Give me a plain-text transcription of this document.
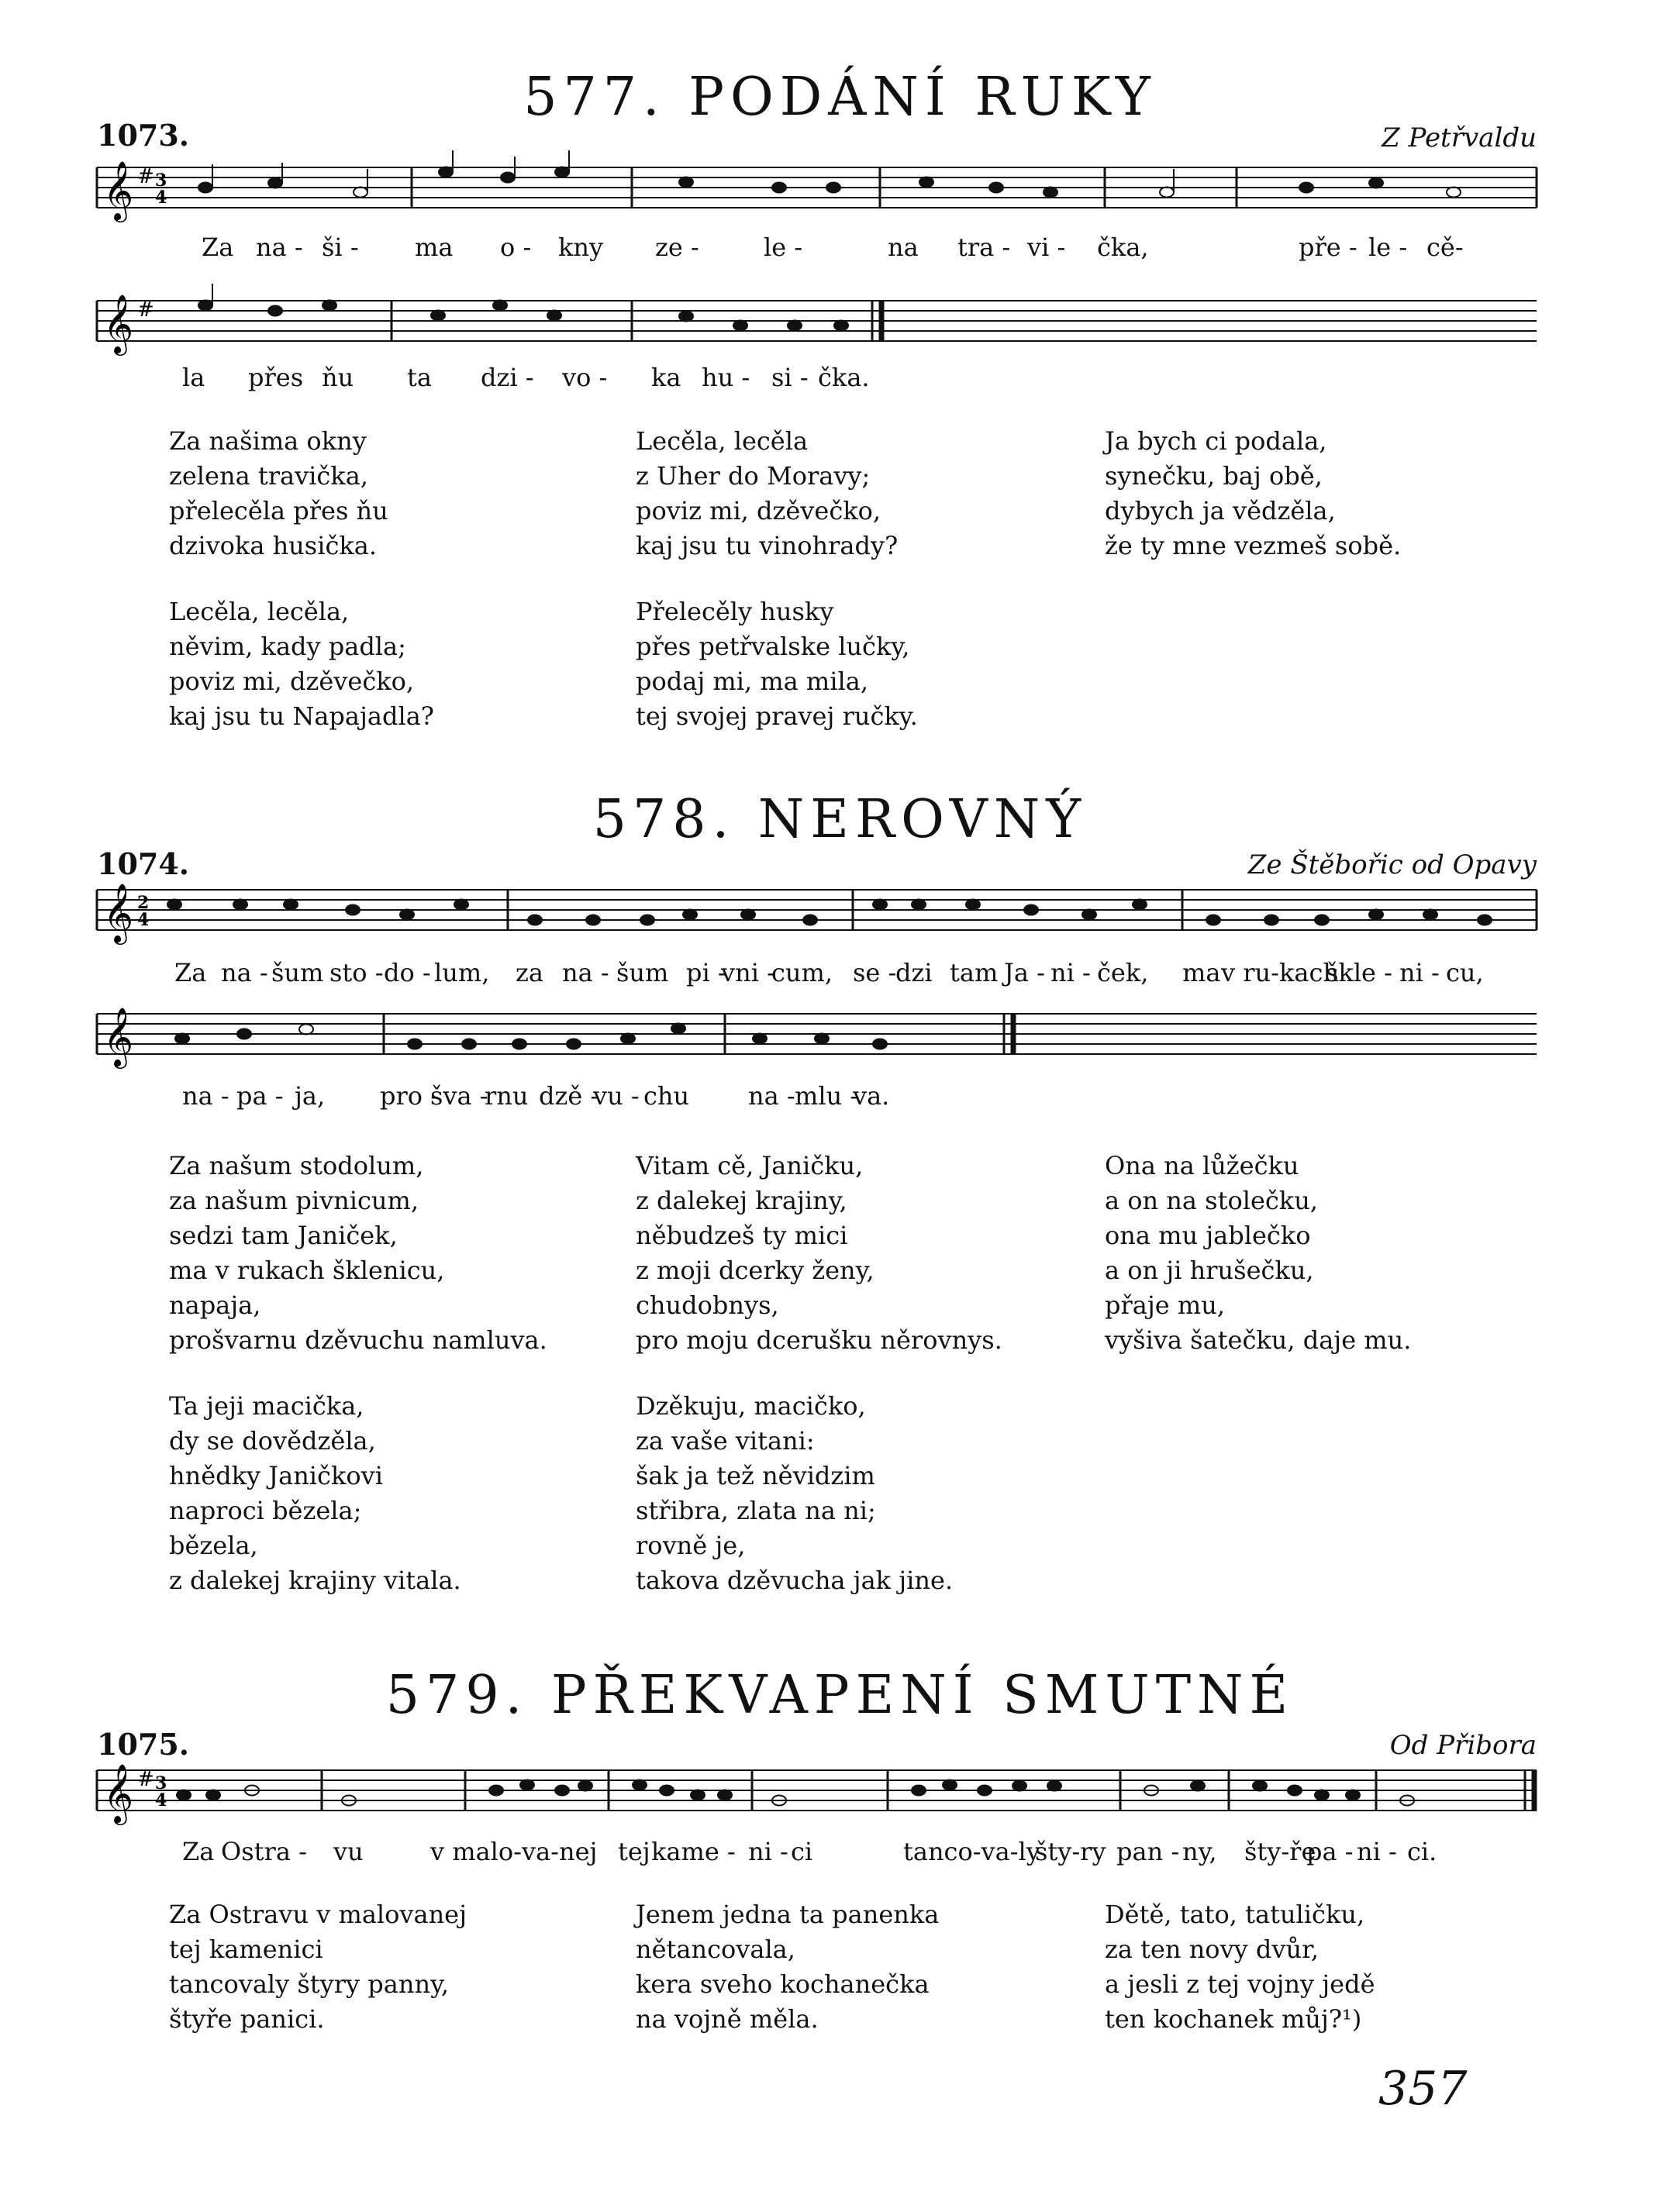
577. PODÁNÍ RUKY
1073.	Z Petřvaldu
𝄞 # 3
4
Za na - ši - ma o - kny ze -	le -	na tra - vi - čka,	pře - le - cě-
𝄞 #
la přes ňu ta dzi - vo - ka hu - si - čka.
Za našima okny
zelena travička,
přelecěla přes ňu
dzivoka husička.
Lecěla, lecěla
z Uher do Moravy;
poviz mi, dzěvečko,
kaj jsu tu vinohrady?
Ja bych ci podala,
synečku, baj obě,
dybych ja vědzěla,
že ty mne vezmeš sobě.
Lecěla, lecěla,
něvim, kady padla;
poviz mi, dzěvečko,
kaj jsu tu Napajadla?
Přelecěly husky
přes petřvalske lučky,
podaj mi, ma mila,
tej svojej pravej ručky.
578. NEROVNÝ
1074.	Ze Štěbořic od Opavy
𝄞 2
4
Za na - šum sto - do - lum, za na - šum pi -
vni -
cum, se -
dzi tam Ja - ni - ček, ma v ru-kach
škle - ni - cu,
𝄞
na - pa - ja, pro -
šva -
rnu dzě -
vu - chu na - mlu -
va.
Za našum stodolum,
za našum pivnicum,
sedzi tam Janiček,
ma v rukach šklenicu,
napaja,
prošvarnu dzěvuchu namluva.
Vitam cě, Janičku,
z dalekej krajiny,
něbudzeš ty mici
z moji dcerky ženy,
chudobnys,
pro moju dcerušku něrovnys.
Ona na lůžečku
a on na stolečku,
ona mu jablečko
a on ji hrušečku,
přaje mu,
vyšiva šatečku, daje mu.
Ta jeji macička,
dy se dovědzěla,
hnědky Janičkovi
naproci bězela;
bězela,
z dalekej krajiny vitala.
Dzěkuju, macičko,
za vaše vitani:
šak ja tež něvidzim
střibra, zlata na ni;
rovně je,
takova dzěvucha jak jine.
579. PŘEKVAPENÍ SMUTNÉ
1075.	Od Přibora
𝄞 # 3
4
Za Ostra - vu	v malo-va-nej tej kame - ni - ci	tanco-va-ly
šty-ry pan - ny, šty-ře
pa - ni - ci.
Za Ostravu v malovanej
tej kamenici
tancovaly štyry panny,
štyře panici.
Jenem jedna ta panenka
nětancovala,
kera sveho kochanečka
na vojně měla.
Dětě, tato, tatuličku,
za ten novy dvůr,
a jesli z tej vojny jedě
ten kochanek můj?¹)
357
